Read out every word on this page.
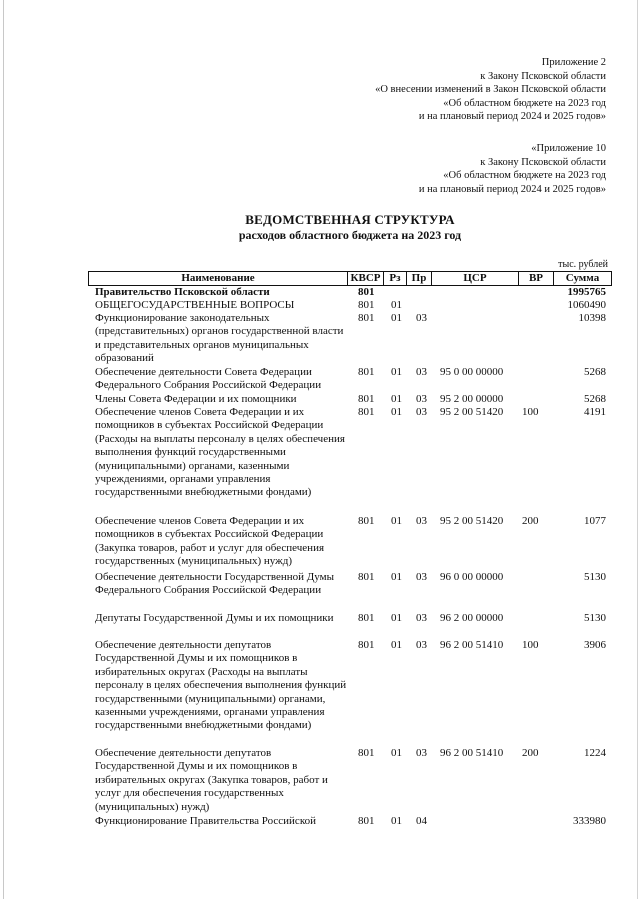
Приложение 2
к Закону Псковской области
«О внесении изменений в Закон Псковской области
«Об областном бюджете на 2023 год
и на плановый период 2024 и 2025 годов»
«Приложение 10
к Закону Псковской области
«Об областном бюджете на 2023 год
и на плановый период 2024 и 2025 годов»
ВЕДОМСТВЕННАЯ СТРУКТУРА
расходов областного бюджета на 2023 год
тыс. рублей
Наименование	КВСР Рз	Пр	ЦСР	ВР	Сумма
Правительство Псковской области	801	1995765
ОБЩЕГОСУДАРСТВЕННЫЕ ВОПРОСЫ	801 01	1060490
Функционирование законодательных (представительных) органов государственной власти и представительных органов муниципальных образований
801 01 03	10398
Обеспечение деятельности Совета Федерации Федерального Собрания Российской Федерации
801 01 03 95 0 00 00000	5268
Члены Совета Федерации и их помощники	801 01 03 95 2 00 00000	5268
Обеспечение членов Совета Федерации и их помощников в субъектах Российской Федерации (Расходы на выплаты персоналу в целях обеспечения выполнения функций государственными (муниципальными) органами, казенными учреждениями, органами управления государственными внебюджетными фондами)
801 01 03 95 2 00 51420 100	4191
Обеспечение членов Совета Федерации и их помощников в субъектах Российской Федерации (Закупка товаров, работ и услуг для обеспечения государственных (муниципальных) нужд)
801 01 03 95 2 00 51420 200	1077
Обеспечение деятельности Государственной Думы Федерального Собрания Российской Федерации
801 01 03 96 0 00 00000	5130
Депутаты Государственной Думы и их помощники	801 01 03 96 2 00 00000	5130
Обеспечение деятельности депутатов Государственной Думы и их помощников в избирательных округах (Расходы на выплаты персоналу в целях обеспечения выполнения функций государственными (муниципальными) органами, казенными учреждениями, органами управления государственными внебюджетными фондами)
801 01 03 96 2 00 51410 100	3906
Обеспечение деятельности депутатов Государственной Думы и их помощников в избирательных округах (Закупка товаров, работ и услуг для обеспечения государственных (муниципальных) нужд)
801 01 03 96 2 00 51410 200	1224
Функционирование Правительства Российской	801 01 04	333980
